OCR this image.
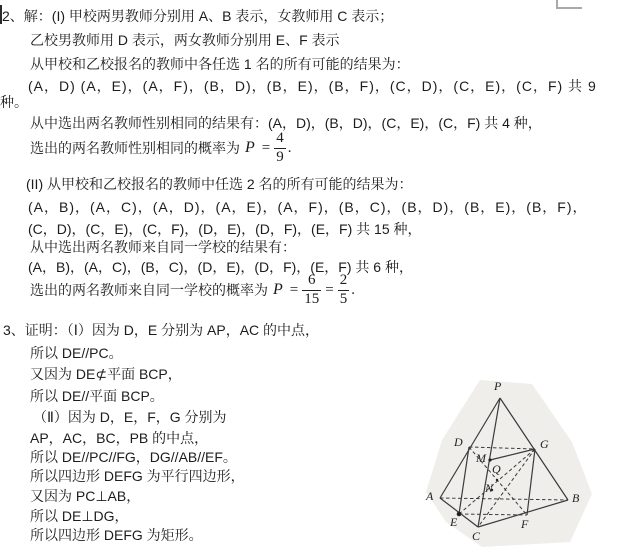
2、解：(I) 甲校两男教师分别用 A、B 表示，女教师用 C 表示；
乙校男教师用 D 表示，两女教师分别用 E、F 表示
从甲校和乙校报名的教师中各任选 1 名的所有可能的结果为：
(A，D) (A，E)，(A，F)，(B，D)，(B，E)，(B，F)，(C，D)，(C，E)，(C，F) 共 9
种。
从中选出两名教师性别相同的结果有：(A，D)，(B，D)，(C，E)，(C，F) 共 4 种，
(II) 从甲校和乙校报名的教师中任选 2 名的所有可能的结果为：
(A，B)，(A，C)，(A，D)，(A，E)，(A，F)，(B，C)，(B，D)，(B，E)，(B，F)，
(C，D)，(C，E)，(C，F)，(D，E)，(D，F)，(E，F) 共 15 种，
从中选出两名教师来自同一学校的结果有：
(A，B)，(A，C)，(B，C)，(D，E)，(D，F)，(E，F) 共 6 种，
3、证明：（Ⅰ）因为 D，E 分别为 AP，AC 的中点，
所以 DE//PC。
又因为 DE⊄平面 BCP，
所以 DE//平面 BCP。
（Ⅱ）因为 D，E，F，G 分别为
AP，AC，BC，PB 的中点，
所以 DE//PC//FG，DG//AB//EF。
所以四边形 DEFG 为平行四边形，
又因为 PC⊥AB，
所以 DE⊥DG，
所以四边形 DEFG 为矩形。
选出的两名教师性别相同的概率为 $P = \frac{4}{9}$ .
选出的两名教师来自同一学校的概率为 $P = \frac{6}{15} = \frac{2}{5}$ .
P
D	G
M
Q
N
A	B
E	F
C
